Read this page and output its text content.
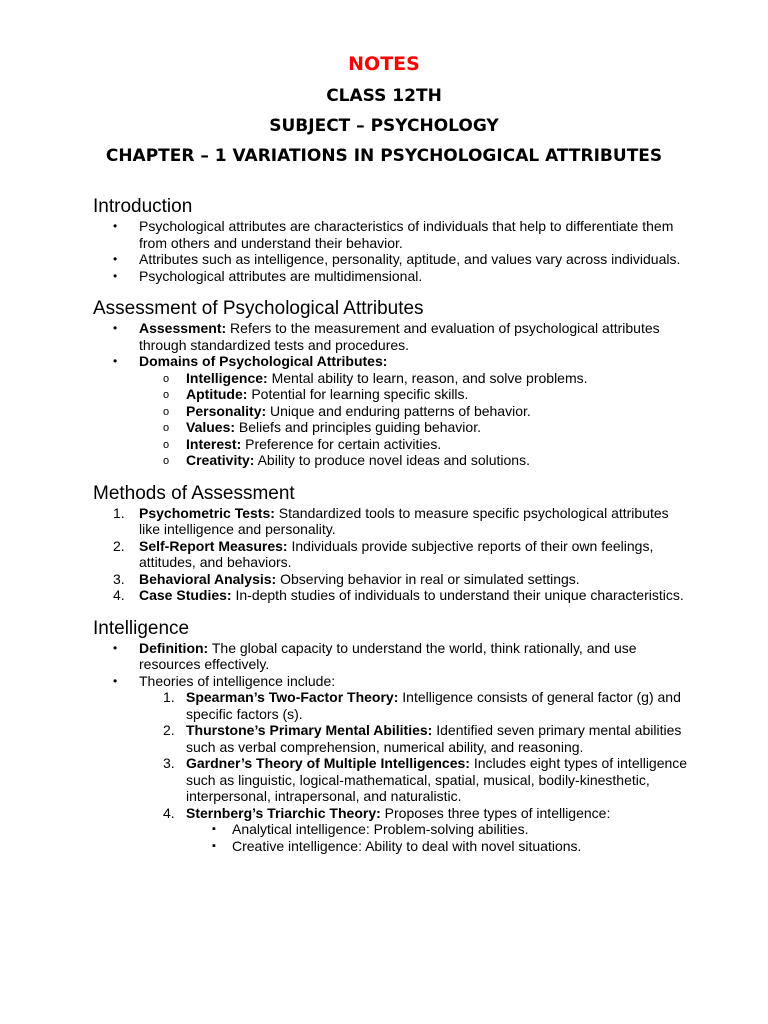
NOTES
CLASS 12TH
SUBJECT – PSYCHOLOGY
CHAPTER – 1 VARIATIONS IN PSYCHOLOGICAL ATTRIBUTES
Introduction
• Psychological attributes are characteristics of individuals that help to differentiate them from others and understand their behavior.
• Attributes such as intelligence, personality, aptitude, and values vary across individuals.
• Psychological attributes are multidimensional.
Assessment of Psychological Attributes
• Assessment: Refers to the measurement and evaluation of psychological attributes through standardized tests and procedures.
• Domains of Psychological Attributes:
o Intelligence: Mental ability to learn, reason, and solve problems.
o Aptitude: Potential for learning specific skills.
o Personality: Unique and enduring patterns of behavior.
o Values: Beliefs and principles guiding behavior.
o Interest: Preference for certain activities.
o Creativity: Ability to produce novel ideas and solutions.
Methods of Assessment
1. Psychometric Tests: Standardized tools to measure specific psychological attributes like intelligence and personality.
2. Self-Report Measures: Individuals provide subjective reports of their own feelings, attitudes, and behaviors.
3. Behavioral Analysis: Observing behavior in real or simulated settings.
4. Case Studies: In-depth studies of individuals to understand their unique characteristics.
Intelligence
• Definition: The global capacity to understand the world, think rationally, and use resources effectively.
• Theories of intelligence include:
1. Spearman’s Two-Factor Theory: Intelligence consists of general factor (g) and specific factors (s).
2. Thurstone’s Primary Mental Abilities: Identified seven primary mental abilities such as verbal comprehension, numerical ability, and reasoning.
3. Gardner’s Theory of Multiple Intelligences: Includes eight types of intelligence such as linguistic, logical-mathematical, spatial, musical, bodily-kinesthetic, interpersonal, intrapersonal, and naturalistic.
4. Sternberg’s Triarchic Theory: Proposes three types of intelligence:
▪ Analytical intelligence: Problem-solving abilities.
▪ Creative intelligence: Ability to deal with novel situations.
